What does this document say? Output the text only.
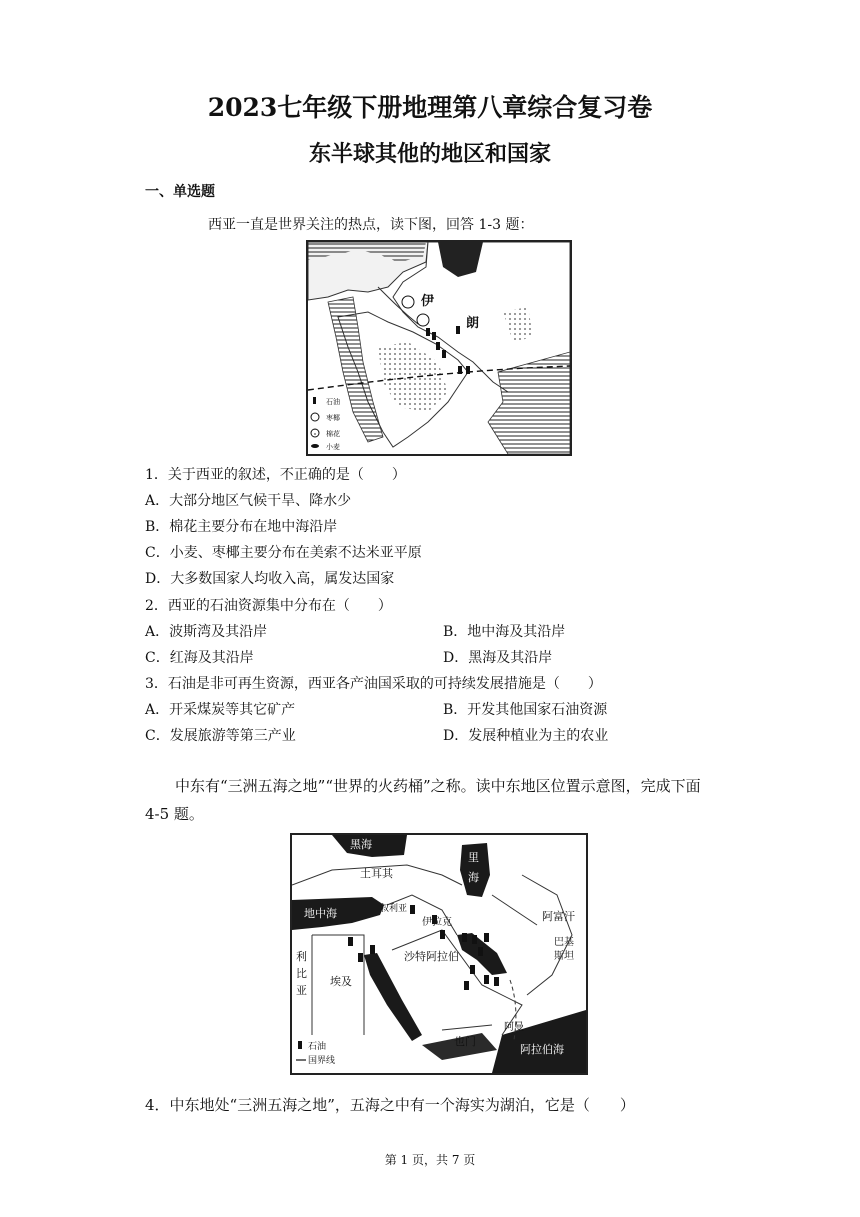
2023七年级下册地理第八章综合复习卷
东半球其他的地区和国家
一、单选题
西亚一直是世界关注的热点，读下图，回答 1-3 题：
伊
朗
石油
枣椰
棉花
小麦
1．关于西亚的叙述，不正确的是（　　）
A．大部分地区气候干旱、降水少
B．棉花主要分布在地中海沿岸
C．小麦、枣椰主要分布在美索不达米亚平原
D．大多数国家人均收入高，属发达国家
2．西亚的石油资源集中分布在（　　）
A．波斯湾及其沿岸	B．地中海及其沿岸
C．红海及其沿岸	D．黑海及其沿岸
3．石油是非可再生资源，西亚各产油国采取的可持续发展措施是（　　）
A．开采煤炭等其它矿产	B．开发其他国家石油资源
C．发展旅游等第三产业	D．发展种植业为主的农业
中东有“三洲五海之地”“世界的火药桶”之称。读中东地区位置示意图，完成下面 4-5 题。
黑海
里
海
土耳其
叙利亚
地中海
伊拉克
利
比
亚
埃及
沙特阿拉伯
阿富汗
巴基
斯坦
也门
阿曼
阿拉伯海
石油
国界线
4．中东地处“三洲五海之地”，五海之中有一个海实为湖泊，它是（　　）
第 1 页，共 7 页
